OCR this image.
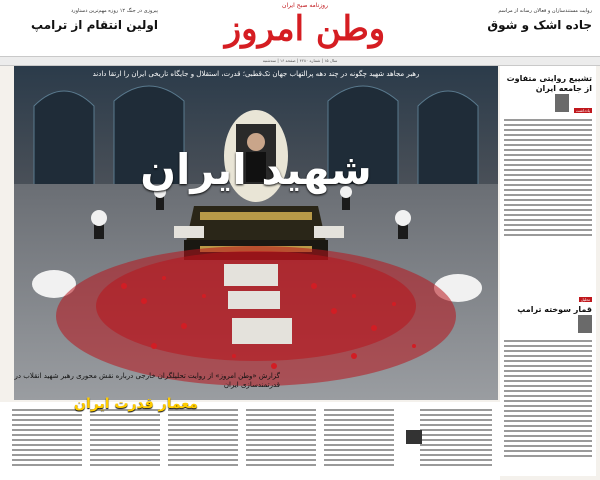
روایت مستندسازان و فعالان رسانه از مراسم
جاده اشک و شوق
روزنامه صبح ایران
وطن امروز
پیروزی در جنگ ۱۲ روزه مهم‌ترین دستاورد
اولین انتقام از ترامپ
سال ۱۵ | شماره ۴۲۸۰ | صفحه ۱۶ | سه‌شنبه
رهبر مجاهد شهید چگونه در چند دهه پرالتهاب جهان تک‌قطبی؛ قدرت، استقلال و جایگاه تاریخی ایران را ارتقا دادند
شهید ایران
گزارش «وطن امروز» از روایت تحلیلگران خارجی درباره نقش محوری رهبر شهید انقلاب در قدرتمندسازی ایران
معمار قدرت ایران
تشییع روایتی متفاوت از جامعه ایران
یادداشت
تحلیل
قمار سوخته ترامپ
